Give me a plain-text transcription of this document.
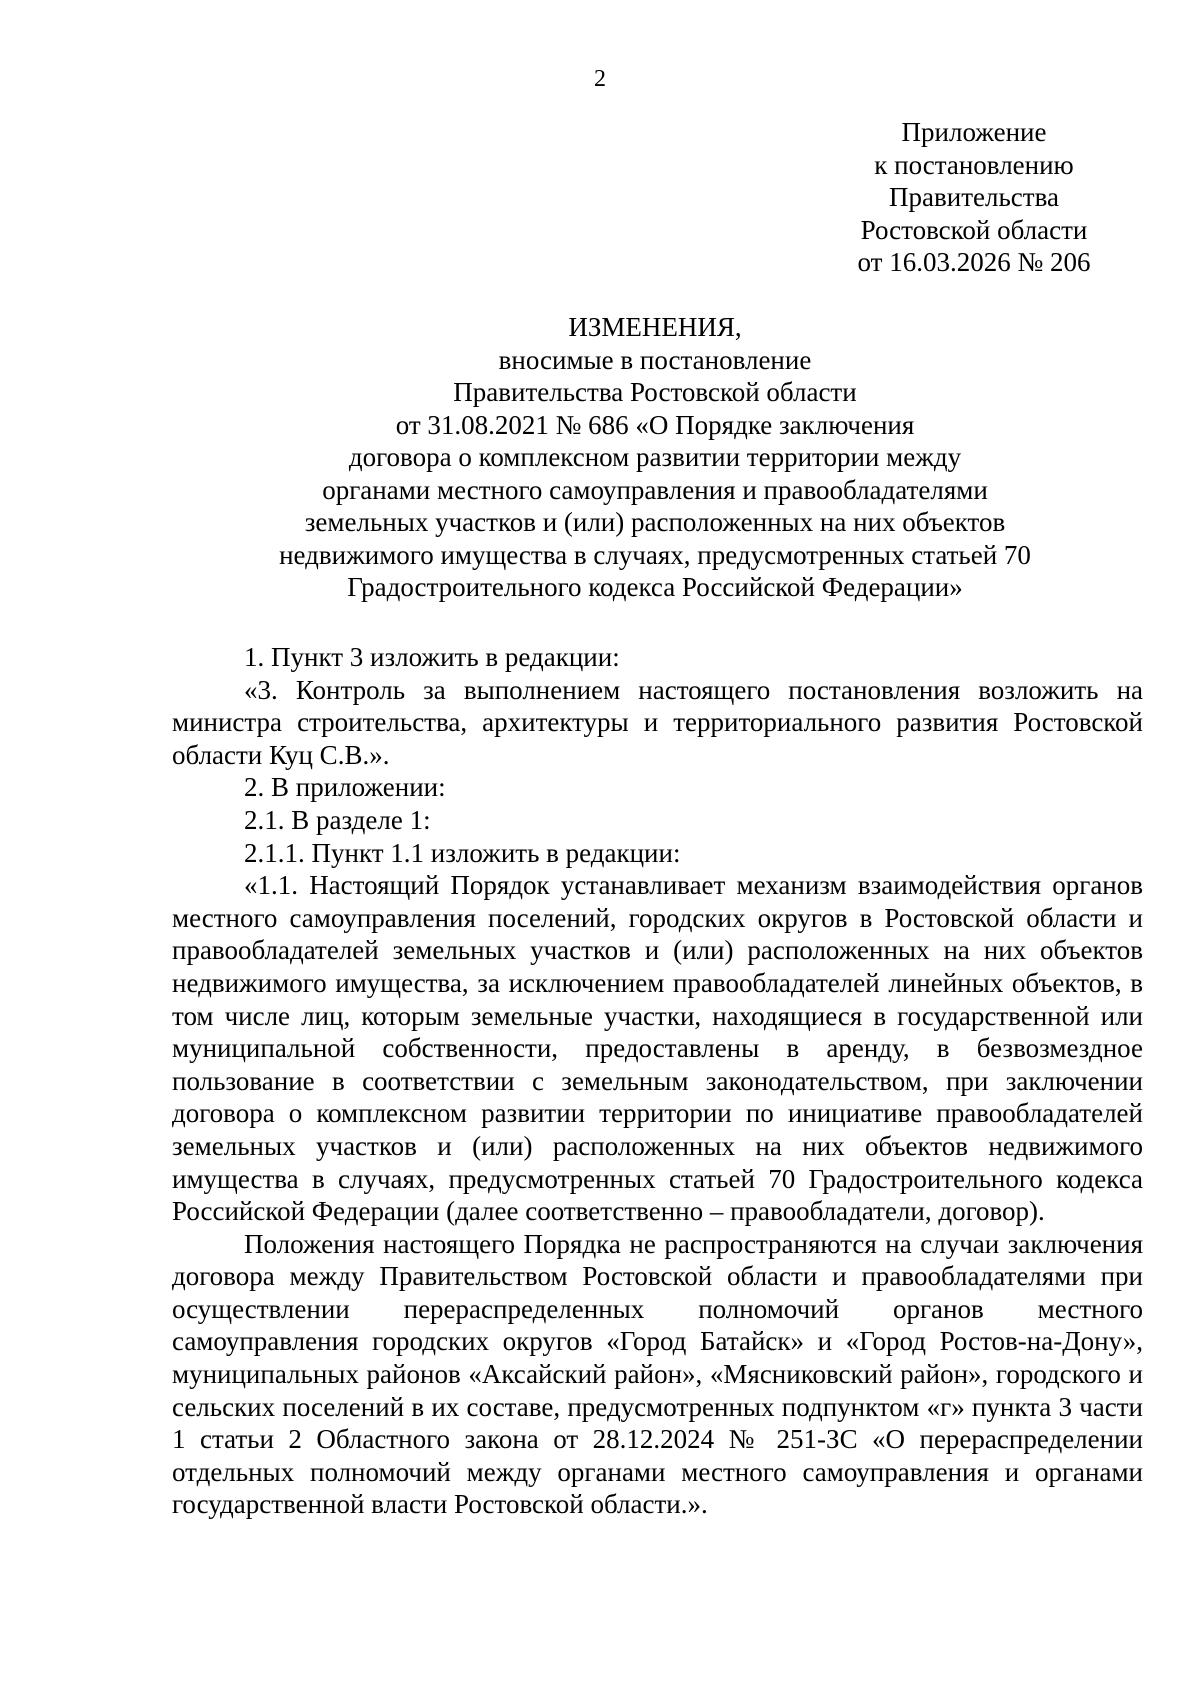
2
Приложение
к постановлению
Правительства
Ростовской области
от 16.03.2026 № 206
ИЗМЕНЕНИЯ,
вносимые в постановление
Правительства Ростовской области
от 31.08.2021 № 686 «О Порядке заключения
договора о комплексном развитии территории между
органами местного самоуправления и правообладателями
земельных участков и (или) расположенных на них объектов
недвижимого имущества в случаях, предусмотренных статьей 70
Градостроительного кодекса Российской Федерации»

1. Пункт 3 изложить в редакции:

«3. Контроль за выполнением настоящего постановления возложить на министра строительства, архитектуры и территориального развития Ростовской области Куц С.В.».

2. В приложении:

2.1. В разделе 1:

2.1.1. Пункт 1.1 изложить в редакции:

«1.1. Настоящий Порядок устанавливает механизм взаимодействия органов местного самоуправления поселений, городских округов в Ростовской области и правообладателей земельных участков и (или) расположенных на них объектов недвижимого имущества, за исключением правообладателей линейных объектов, в том числе лиц, которым земельные участки, находящиеся в государственной или муниципальной собственности, предоставлены в аренду, в безвозмездное пользование в соответствии с земельным законодательством, при заключении договора о комплексном развитии территории по инициативе правообладателей земельных участков и (или) расположенных на них объектов недвижимого имущества в случаях, предусмотренных статьей 70 Градостроительного кодекса Российской Федерации (далее соответственно – правообладатели, договор).

Положения настоящего Порядка не распространяются на случаи заключения договора между Правительством Ростовской области и правообладателями при осуществлении перераспределенных полномочий органов местного самоуправления городских округов «Город Батайск» и «Город Ростов-на-Дону», муниципальных районов «Аксайский район», «Мясниковский район», городского и сельских поселений в их составе, предусмотренных подпунктом «г» пункта 3 части 1 статьи 2 Областного закона от 28.12.2024 № 251-ЗС «О перераспределении отдельных полномочий между органами местного самоуправления и органами государственной власти Ростовской области.».
